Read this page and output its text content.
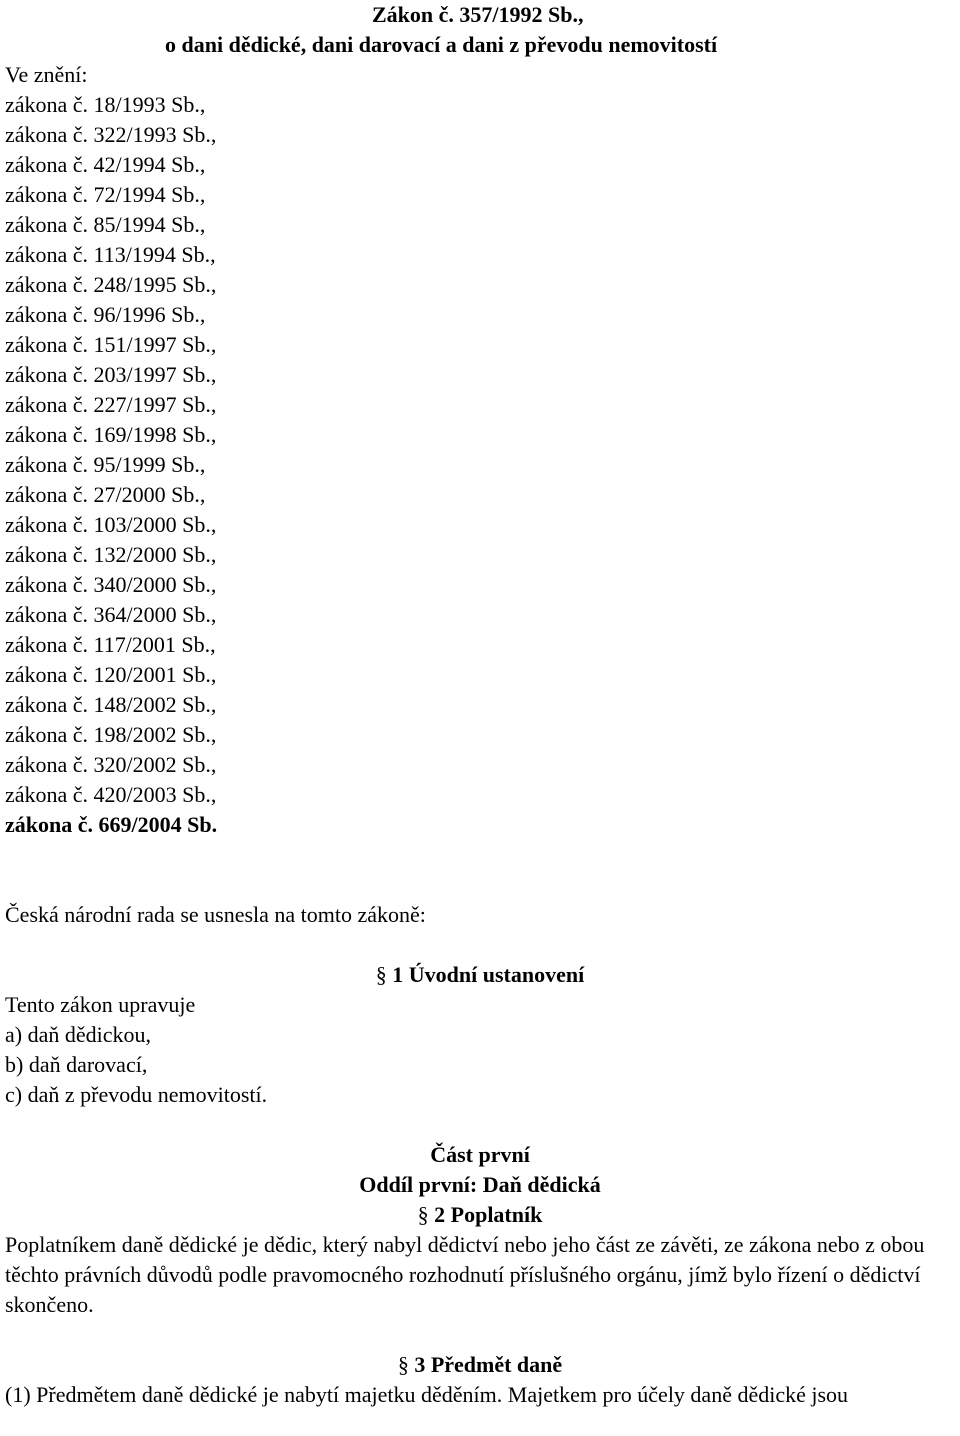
Zákon č. 357/1992 Sb.,
o dani dědické, dani darovací a dani z převodu nemovitostí
Ve znění:
zákona č. 18/1993 Sb.,
zákona č. 322/1993 Sb.,
zákona č. 42/1994 Sb.,
zákona č. 72/1994 Sb.,
zákona č. 85/1994 Sb.,
zákona č. 113/1994 Sb.,
zákona č. 248/1995 Sb.,
zákona č. 96/1996 Sb.,
zákona č. 151/1997 Sb.,
zákona č. 203/1997 Sb.,
zákona č. 227/1997 Sb.,
zákona č. 169/1998 Sb.,
zákona č. 95/1999 Sb.,
zákona č. 27/2000 Sb.,
zákona č. 103/2000 Sb.,
zákona č. 132/2000 Sb.,
zákona č. 340/2000 Sb.,
zákona č. 364/2000 Sb.,
zákona č. 117/2001 Sb.,
zákona č. 120/2001 Sb.,
zákona č. 148/2002 Sb.,
zákona č. 198/2002 Sb.,
zákona č. 320/2002 Sb.,
zákona č. 420/2003 Sb.,
zákona č. 669/2004 Sb.
Česká národní rada se usnesla na tomto zákoně:
§ 1 Úvodní ustanovení
Tento zákon upravuje
a) daň dědickou,
b) daň darovací,
c) daň z převodu nemovitostí.
Část první
Oddíl první: Daň dědická
§ 2 Poplatník
Poplatníkem daně dědické je dědic, který nabyl dědictví nebo jeho část ze závěti, ze zákona nebo z obou těchto právních důvodů podle pravomocného rozhodnutí příslušného orgánu, jímž bylo řízení o dědictví skončeno.
§ 3 Předmět daně
(1) Předmětem daně dědické je nabytí majetku děděním. Majetkem pro účely daně dědické jsou
